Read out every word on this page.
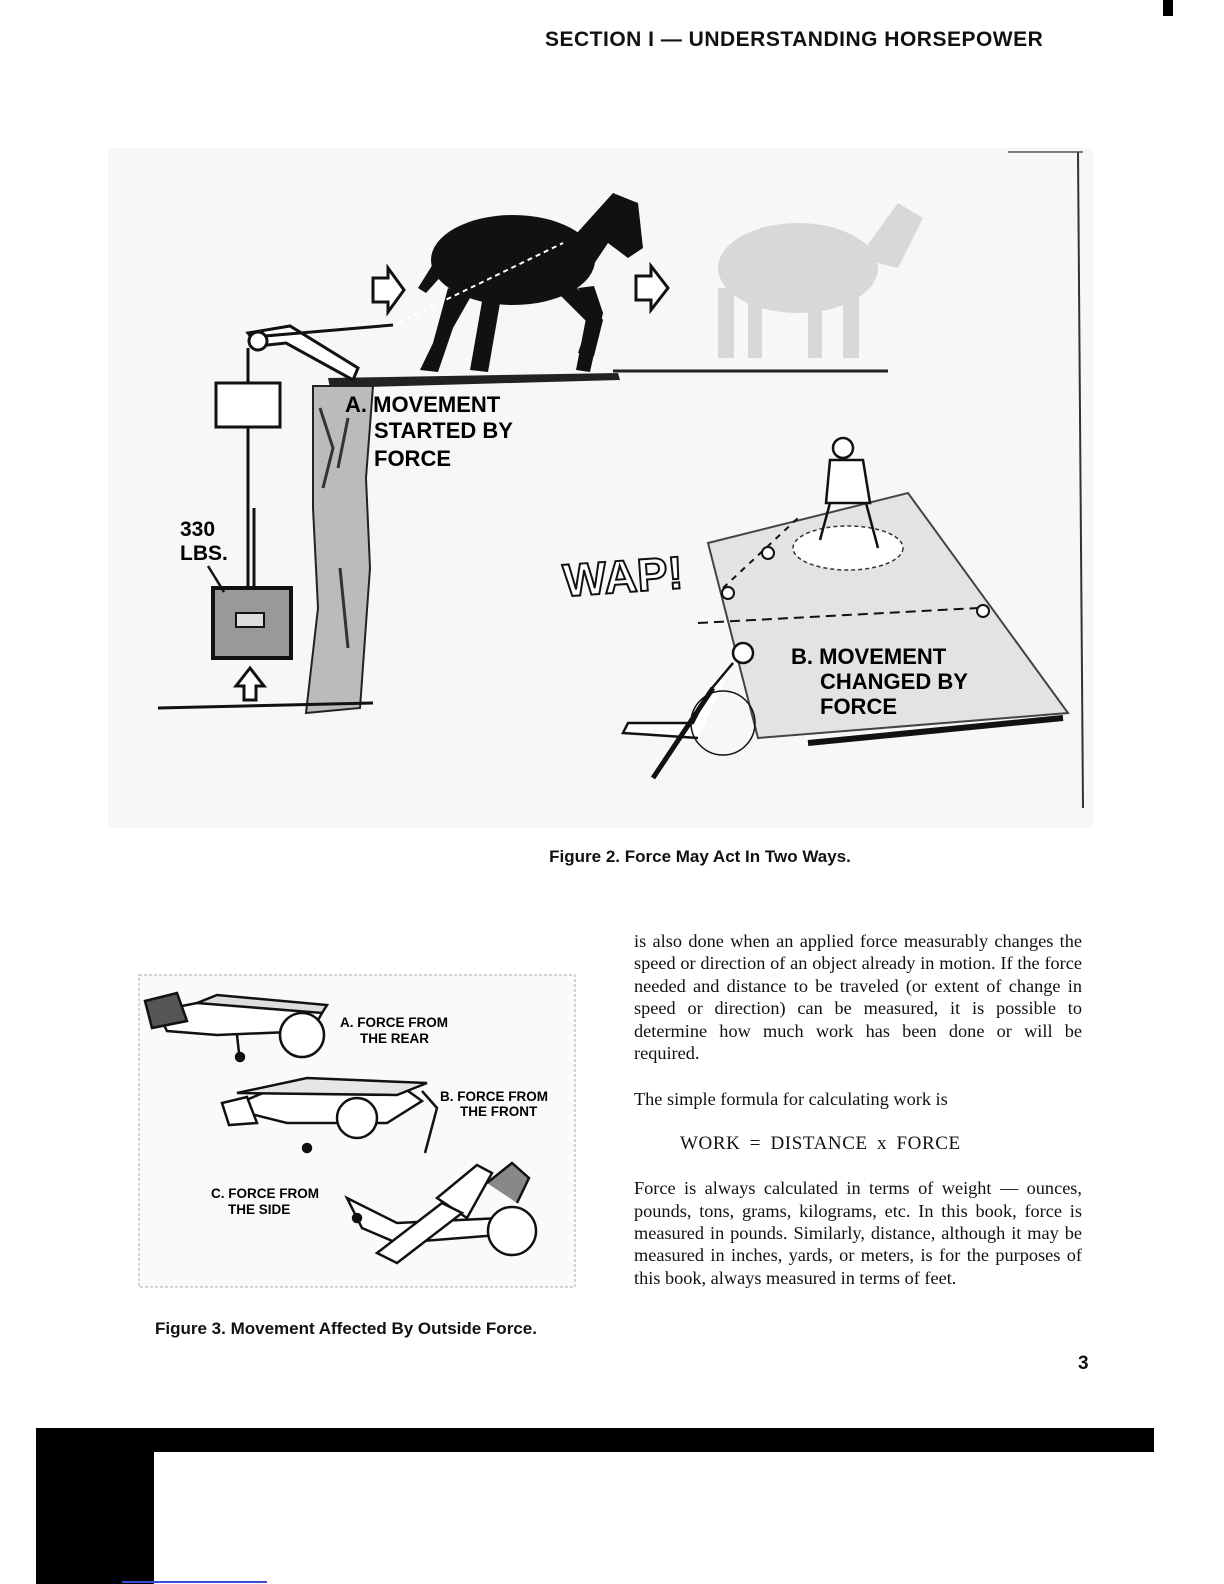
SECTION I — UNDERSTANDING HORSEPOWER
A. MOVEMENT
STARTED BY
FORCE
330
LBS.	WAP!
B. MOVEMENT
CHANGED BY
FORCE
Figure 2. Force May Act In Two Ways.
A. FORCE FROM
THE REAR
B. FORCE FROM
THE FRONT
C. FORCE FROM
THE SIDE
Figure 3. Movement Affected By Outside Force.

is also done when an applied force measurably changes the speed or direction of an object already in motion. If the force needed and distance to be traveled (or extent of change in speed or direction) can be measured, it is possible to determine how much work has been done or will be required.

The simple formula for calculating work is

WORK = DISTANCE x FORCE

Force is always calculated in terms of weight — ounces, pounds, tons, grams, kilograms, etc. In this book, force is measured in pounds. Similarly, distance, although it may be measured in inches, yards, or meters, is for the purposes of this book, always measured in terms of feet.

3
